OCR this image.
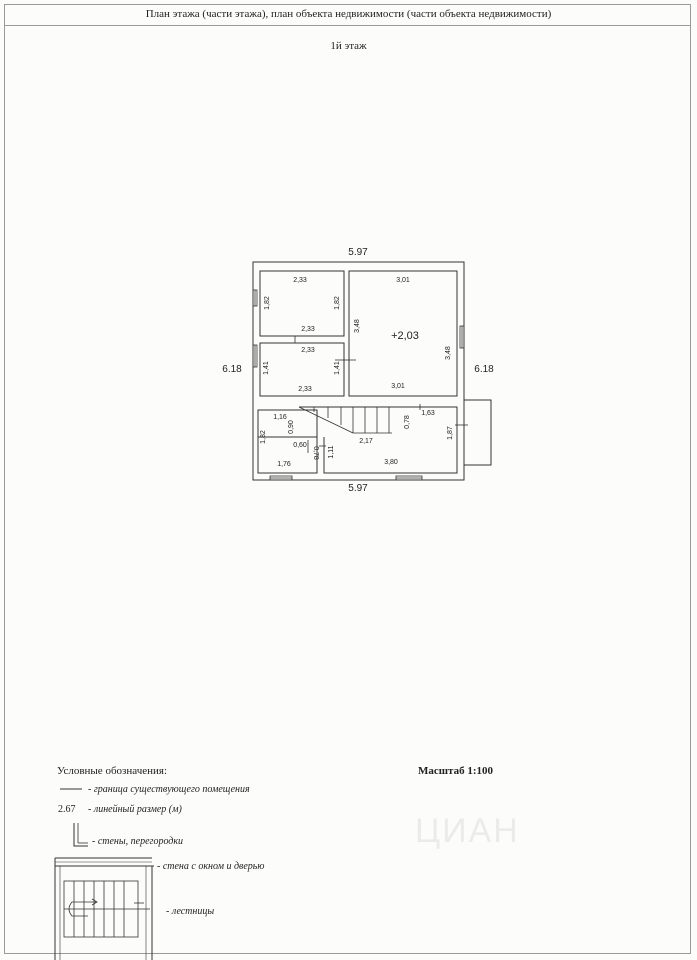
План этажа (части этажа), план объекта недвижимости (части объекта недвижимости)
1й этаж
5.97
5.97
6.18	6.18
2,33
2,33
1,82	1,82
2,33
2,33
1,41	1,41
3,01
3,01
3,48
3,48
+2,03
1,16
1,76
1,82
0,90
0,60
0,78
2,17
3,80
1,11
0,78
1,63
1,87
Условные обозначения:	Масштаб 1:100
- граница существующего помещения
2.67 - линейный размер (м)
- стены, перегородки
- стена с окном и дверью
- лестницы
ЦИАН
